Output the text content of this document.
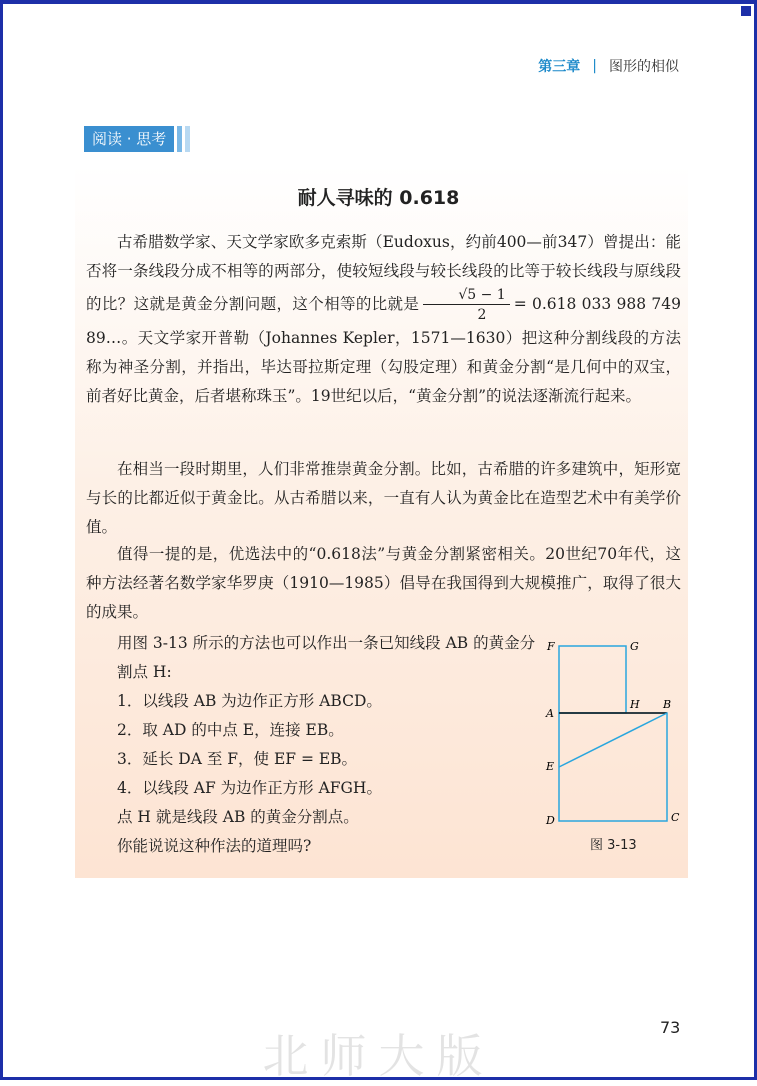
第三章 | 图形的相似
阅读 · 思考
耐人寻味的 0.618
古希腊数学家、天文学家欧多克索斯（Eudoxus，约前400—前347）曾提出：能否将一条线段分成不相等的两部分，使较短线段与较长线段的比等于较长线段与原线段的比？这就是黄金分割问题，这个相等的比就是 $\frac{√5 - 1}{2} = 0.618$ 033 988 749 89…。天文学家开普勒（Johannes Kepler，1571—1630）把这种分割线段的方法称为神圣分割，并指出，毕达哥拉斯定理（勾股定理）和黄金分割“是几何中的双宝，前者好比黄金，后者堪称珠玉”。19世纪以后，“黄金分割”的说法逐渐流行起来。
在相当一段时期里，人们非常推崇黄金分割。比如，古希腊的许多建筑中，矩形宽与长的比都近似于黄金比。从古希腊以来，一直有人认为黄金比在造型艺术中有美学价值。
值得一提的是，优选法中的“0.618法”与黄金分割紧密相关。20世纪70年代，这种方法经著名数学家华罗庚（1910—1985）倡导在我国得到大规模推广，取得了很大的成果。
用图 3-13 所示的方法也可以作出一条已知线段 AB 的黄金分割点 H:
1．以线段 AB 为边作正方形 ABCD。
2．取 AD 的中点 E，连接 EB。
3．延长 DA 至 F，使 EF = EB。
4．以线段 AF 为边作正方形 AFGH。
点 H 就是线段 AB 的黄金分割点。
你能说说这种作法的道理吗?
F	G
A
H B
E
D	C
图 3-13
73
北师大版
